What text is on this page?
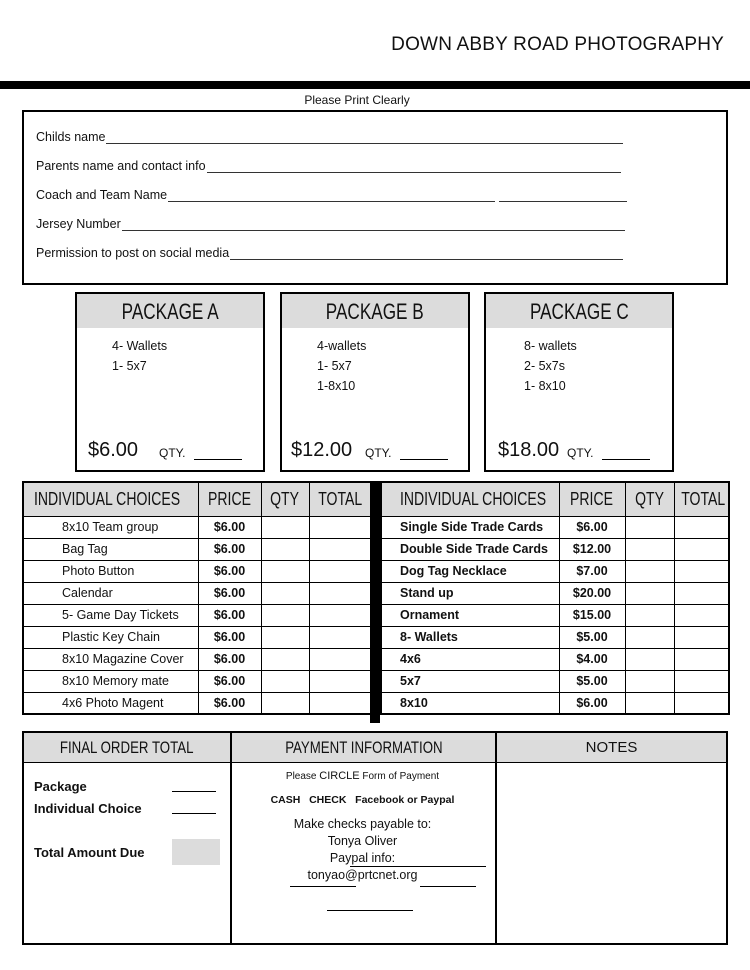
DOWN ABBY ROAD PHOTOGRAPHY
Please Print Clearly
Childs name
Parents name and contact info
Coach and Team Name
Jersey Number
Permission to post on social media
PACKAGE A
4- Wallets
1- 5x7
$6.00 QTY.
PACKAGE B
4-wallets
1- 5x7
1-8x10
$12.00 QTY.
PACKAGE C
8- wallets
2- 5x7s
1- 8x10
$18.00 QTY.
INDIVIDUAL CHOICES	PRICE	QTY	TOTAL
8x10 Team group	$6.00		
Bag Tag	$6.00		
Photo Button	$6.00		
Calendar	$6.00		
5- Game Day Tickets	$6.00		
Plastic Key Chain	$6.00		
8x10 Magazine Cover	$6.00		
8x10 Memory mate	$6.00		
4x6 Photo Magent	$6.00		
INDIVIDUAL CHOICES	PRICE	QTY	TOTAL
Single Side Trade Cards	$6.00		
Double Side Trade Cards	$12.00		
Dog Tag Necklace	$7.00		
Stand up	$20.00		
Ornament	$15.00		
8- Wallets	$5.00		
4x6	$4.00		
5x7	$5.00		
8x10	$6.00		
FINAL ORDER TOTAL
Package
Individual Choice
Total Amount Due
PAYMENT INFORMATION
Please CIRCLE Form of Payment
CASH   CHECK   Facebook or Paypal
Make checks payable to:
Tonya Oliver
Paypal info:
tonyao@prtcnet.org
NOTES
